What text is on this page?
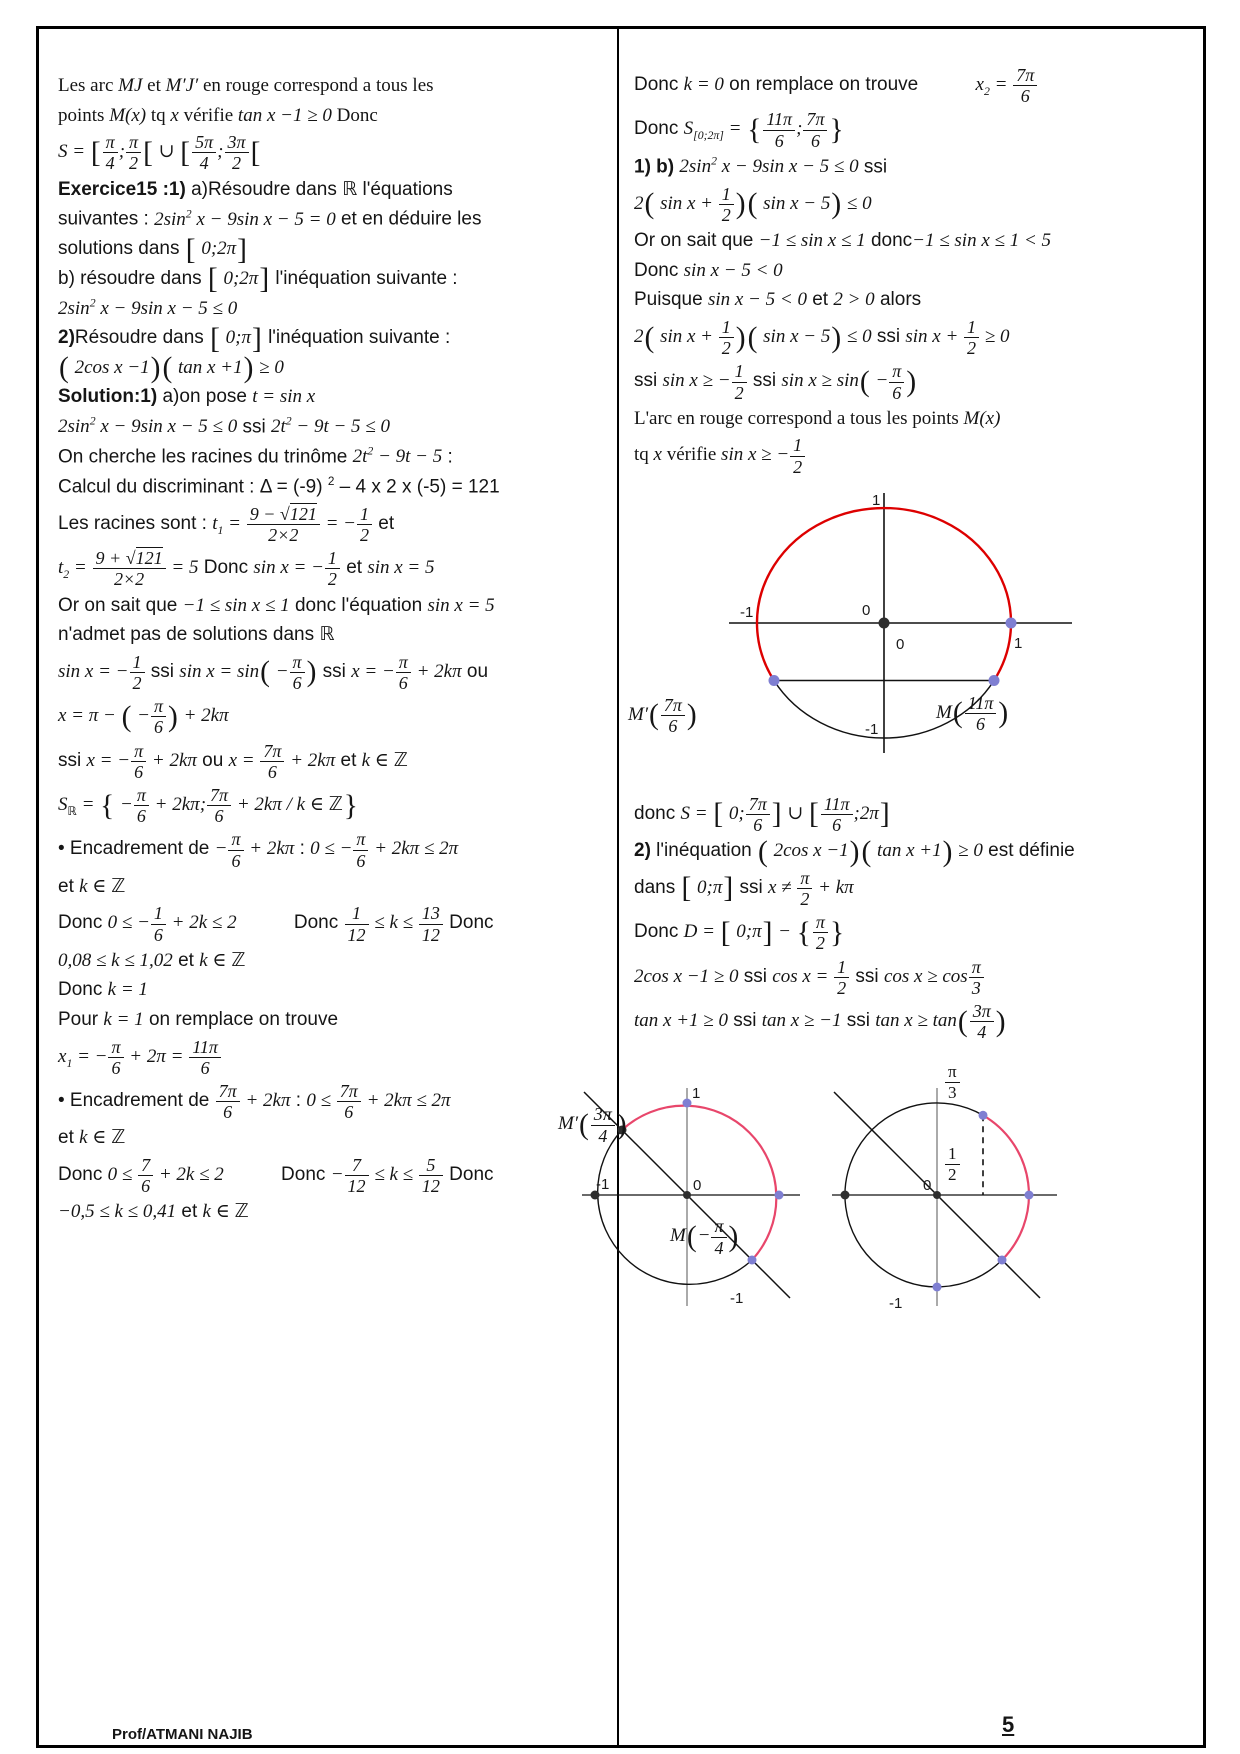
Les arc MJ et M′J′ en rouge correspond a tous les
points M(x) tq x vérifie tan x −1 ≥ 0 Donc
S = [ $\frac{\pi}{4}$ ; $\frac{\pi}{2}$ [ ∪ [ $\frac{5\pi}{4}$ ; $\frac{3\pi}{2}$ [
Exercice15 :1) a)Résoudre dans ℝ l'équations
suivantes : $2\sin^2$ x − 9sin x − 5 = 0 et en déduire les
solutions dans [ 0;2π]
b) résoudre dans [ 0;2π] l'inéquation suivante :
$2\sin^2$ x − 9sin x − 5 ≤ 0
2)Résoudre dans [ 0;π] l'inéquation suivante :
( 2cos x −1)( tan x +1) ≥ 0
Solution:1) a)on pose t = sin x
$2\sin^2$ x − 9sin x − 5 ≤ 0 ssi $2t^2 - 9t - 5 \le 0$
On cherche les racines du trinôme $2t^2 - 9t - 5$ :
Calcul du discriminant : Δ = (-9) $^2$ – 4 x 2 x (-5) = 121
Les racines sont : $t_1 = \frac{9 - √121}{2\times 2}$ = − $\frac{1}{2}$ et
$t_2 = \frac{9 + √121}{2\times 2} = 5$ Donc sin x = − $\frac{1}{2}$ et sin x = 5
Or on sait que −1 ≤ sin x ≤ 1 donc l'équation sin x = 5
n'admet pas de solutions dans ℝ
sin x = − $\frac{1}{2}$ ssi $\sin x = \sin( - \frac{\pi}{6}$ ) ssi x = − $\frac{\pi}{6} + 2k\pi$ ou
x = π − ( − $\frac{\pi}{6}$ ) + 2kπ
ssi x = − $\frac{\pi}{6} + 2k\pi$ ou $x = \frac{7\pi}{6} + 2k\pi$ et k ∈ ℤ
$S_ℝ$ = { − $\frac{\pi}{6} + 2k\pi$; $\frac{7\pi}{6} + 2k\pi / k$ ∈ ℤ}
• Encadrement de − $\frac{\pi}{6} + 2k\pi$ : 0 ≤ − $\frac{\pi}{6} + 2k\pi \le 2\pi$
et k ∈ ℤ
Donc 0 ≤ − $\frac{1}{6} + 2k \le 2$	Donc $\frac{1}{12} \le k \le \frac{13}{12}$ Donc
0,08 ≤ k ≤ 1,02 et k ∈ ℤ
Donc k = 1
Pour k = 1 on remplace on trouve
$x_1$ = − $\frac{\pi}{6} + 2\pi = \frac{11\pi}{6}$
• Encadrement de $\frac{7\pi}{6} + 2k\pi$ : $0 \le \frac{7\pi}{6} + 2k\pi \le 2\pi$
et k ∈ ℤ
Donc $0 \le \frac{7}{6} + 2k \le 2$	Donc − $\frac{7}{12} \le k \le \frac{5}{12}$ Donc
−0,5 ≤ k ≤ 0,41 et k ∈ ℤ
Donc k = 0 on remplace on trouve	$x_2 = \frac{7\pi}{6}$
Donc $S_{[0;2\pi]}$ = { $\frac{11\pi}{6}$ ; $\frac{7\pi}{6}$ }
1) b) $2\sin^2$ x − 9sin x − 5 ≤ 0 ssi
2( $\sin x + \frac{1}{2}$ )( sin x − 5) ≤ 0
Or on sait que −1 ≤ sin x ≤ 1 donc−1 ≤ sin x ≤ 1 < 5
Donc sin x − 5 < 0
Puisque sin x − 5 < 0 et 2 > 0 alors
2( $\sin x + \frac{1}{2}$ )( sin x − 5) ≤ 0 ssi $\sin x + \frac{1}{2} \ge 0$
ssi sin x ≥ − $\frac{1}{2}$ ssi $\sin x \ge \sin( - \frac{\pi}{6}$ )
L'arc en rouge correspond a tous les points M(x)
tq x vérifie sin x ≥ − $\frac{1}{2}$
1
-1	0
0	1
-1
$M'( \frac{7\pi}{6}$ )	$M( \frac{11\pi}{6}$ )
donc S = [ 0; $\frac{7\pi}{6}$ ] ∪ [ $\frac{11\pi}{6}$ ;2π]
2) l'inéquation ( 2cos x −1)( tan x +1) ≥ 0 est définie
dans [ 0;π] ssi $x \ne \frac{\pi}{2} + k\pi$
Donc D = [ 0;π] − { $\frac{\pi}{2}$ }
2cos x −1 ≥ 0 ssi $\cos x = \frac{1}{2}$ ssi $\cos x \ge \cos \frac{\pi}{3}$
tan x +1 ≥ 0 ssi tan x ≥ −1 ssi $\tan x \ge \tan( \frac{3\pi}{4}$ )
1
-1	0
-1
0
-1
$M'( \frac{3\pi}{4}$ )
$M(- \frac{\pi}{4}$ )
$\frac{\pi}{3}$
$\frac{1}{2}$
Prof/ATMANI NAJIB	5
